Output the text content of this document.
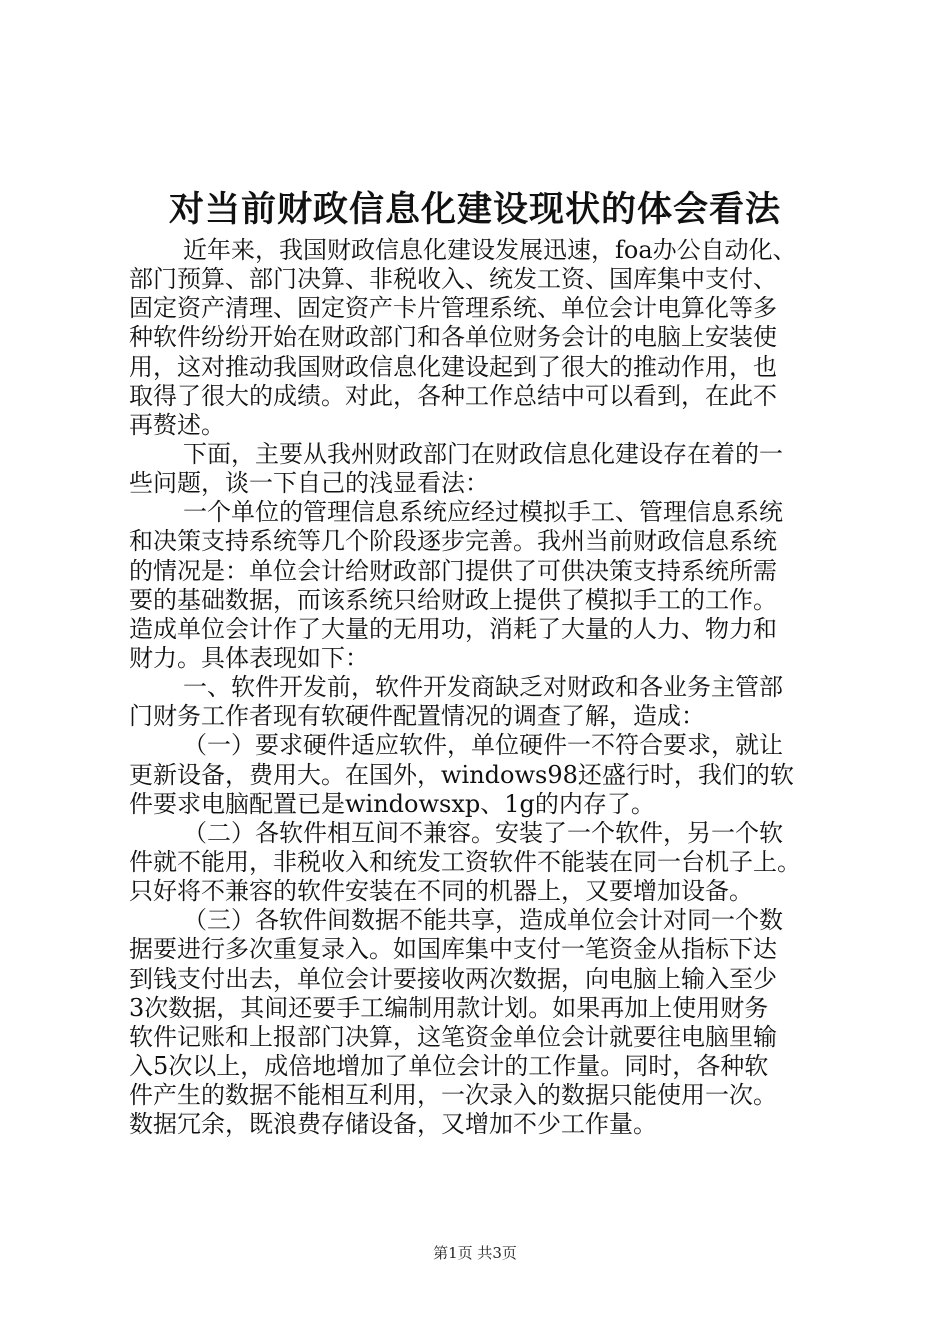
对当前财政信息化建设现状的体会看法
近年来，我国财政信息化建设发展迅速，foa办公自动化、
部门预算、部门决算、非税收入、统发工资、国库集中支付、
固定资产清理、固定资产卡片管理系统、单位会计电算化等多
种软件纷纷开始在财政部门和各单位财务会计的电脑上安装使
用，这对推动我国财政信息化建设起到了很大的推动作用，也
取得了很大的成绩。对此，各种工作总结中可以看到，在此不
再赘述。
下面，主要从我州财政部门在财政信息化建设存在着的一
些问题，谈一下自己的浅显看法：
一个单位的管理信息系统应经过模拟手工、管理信息系统
和决策支持系统等几个阶段逐步完善。我州当前财政信息系统
的情况是：单位会计给财政部门提供了可供决策支持系统所需
要的基础数据，而该系统只给财政上提供了模拟手工的工作。
造成单位会计作了大量的无用功，消耗了大量的人力、物力和
财力。具体表现如下：
一、软件开发前，软件开发商缺乏对财政和各业务主管部
门财务工作者现有软硬件配置情况的调查了解，造成：
（一）要求硬件适应软件，单位硬件一不符合要求，就让
更新设备，费用大。在国外，windows98还盛行时，我们的软
件要求电脑配置已是windowsxp、1g的内存了。
（二）各软件相互间不兼容。安装了一个软件，另一个软
件就不能用，非税收入和统发工资软件不能装在同一台机子上。
只好将不兼容的软件安装在不同的机器上，又要增加设备。
（三）各软件间数据不能共享，造成单位会计对同一个数
据要进行多次重复录入。如国库集中支付一笔资金从指标下达
到钱支付出去，单位会计要接收两次数据，向电脑上输入至少
3次数据，其间还要手工编制用款计划。如果再加上使用财务
软件记账和上报部门决算，这笔资金单位会计就要往电脑里输
入5次以上，成倍地增加了单位会计的工作量。同时，各种软
件产生的数据不能相互利用，一次录入的数据只能使用一次。
数据冗余，既浪费存储设备，又增加不少工作量。
第1页 共3页
